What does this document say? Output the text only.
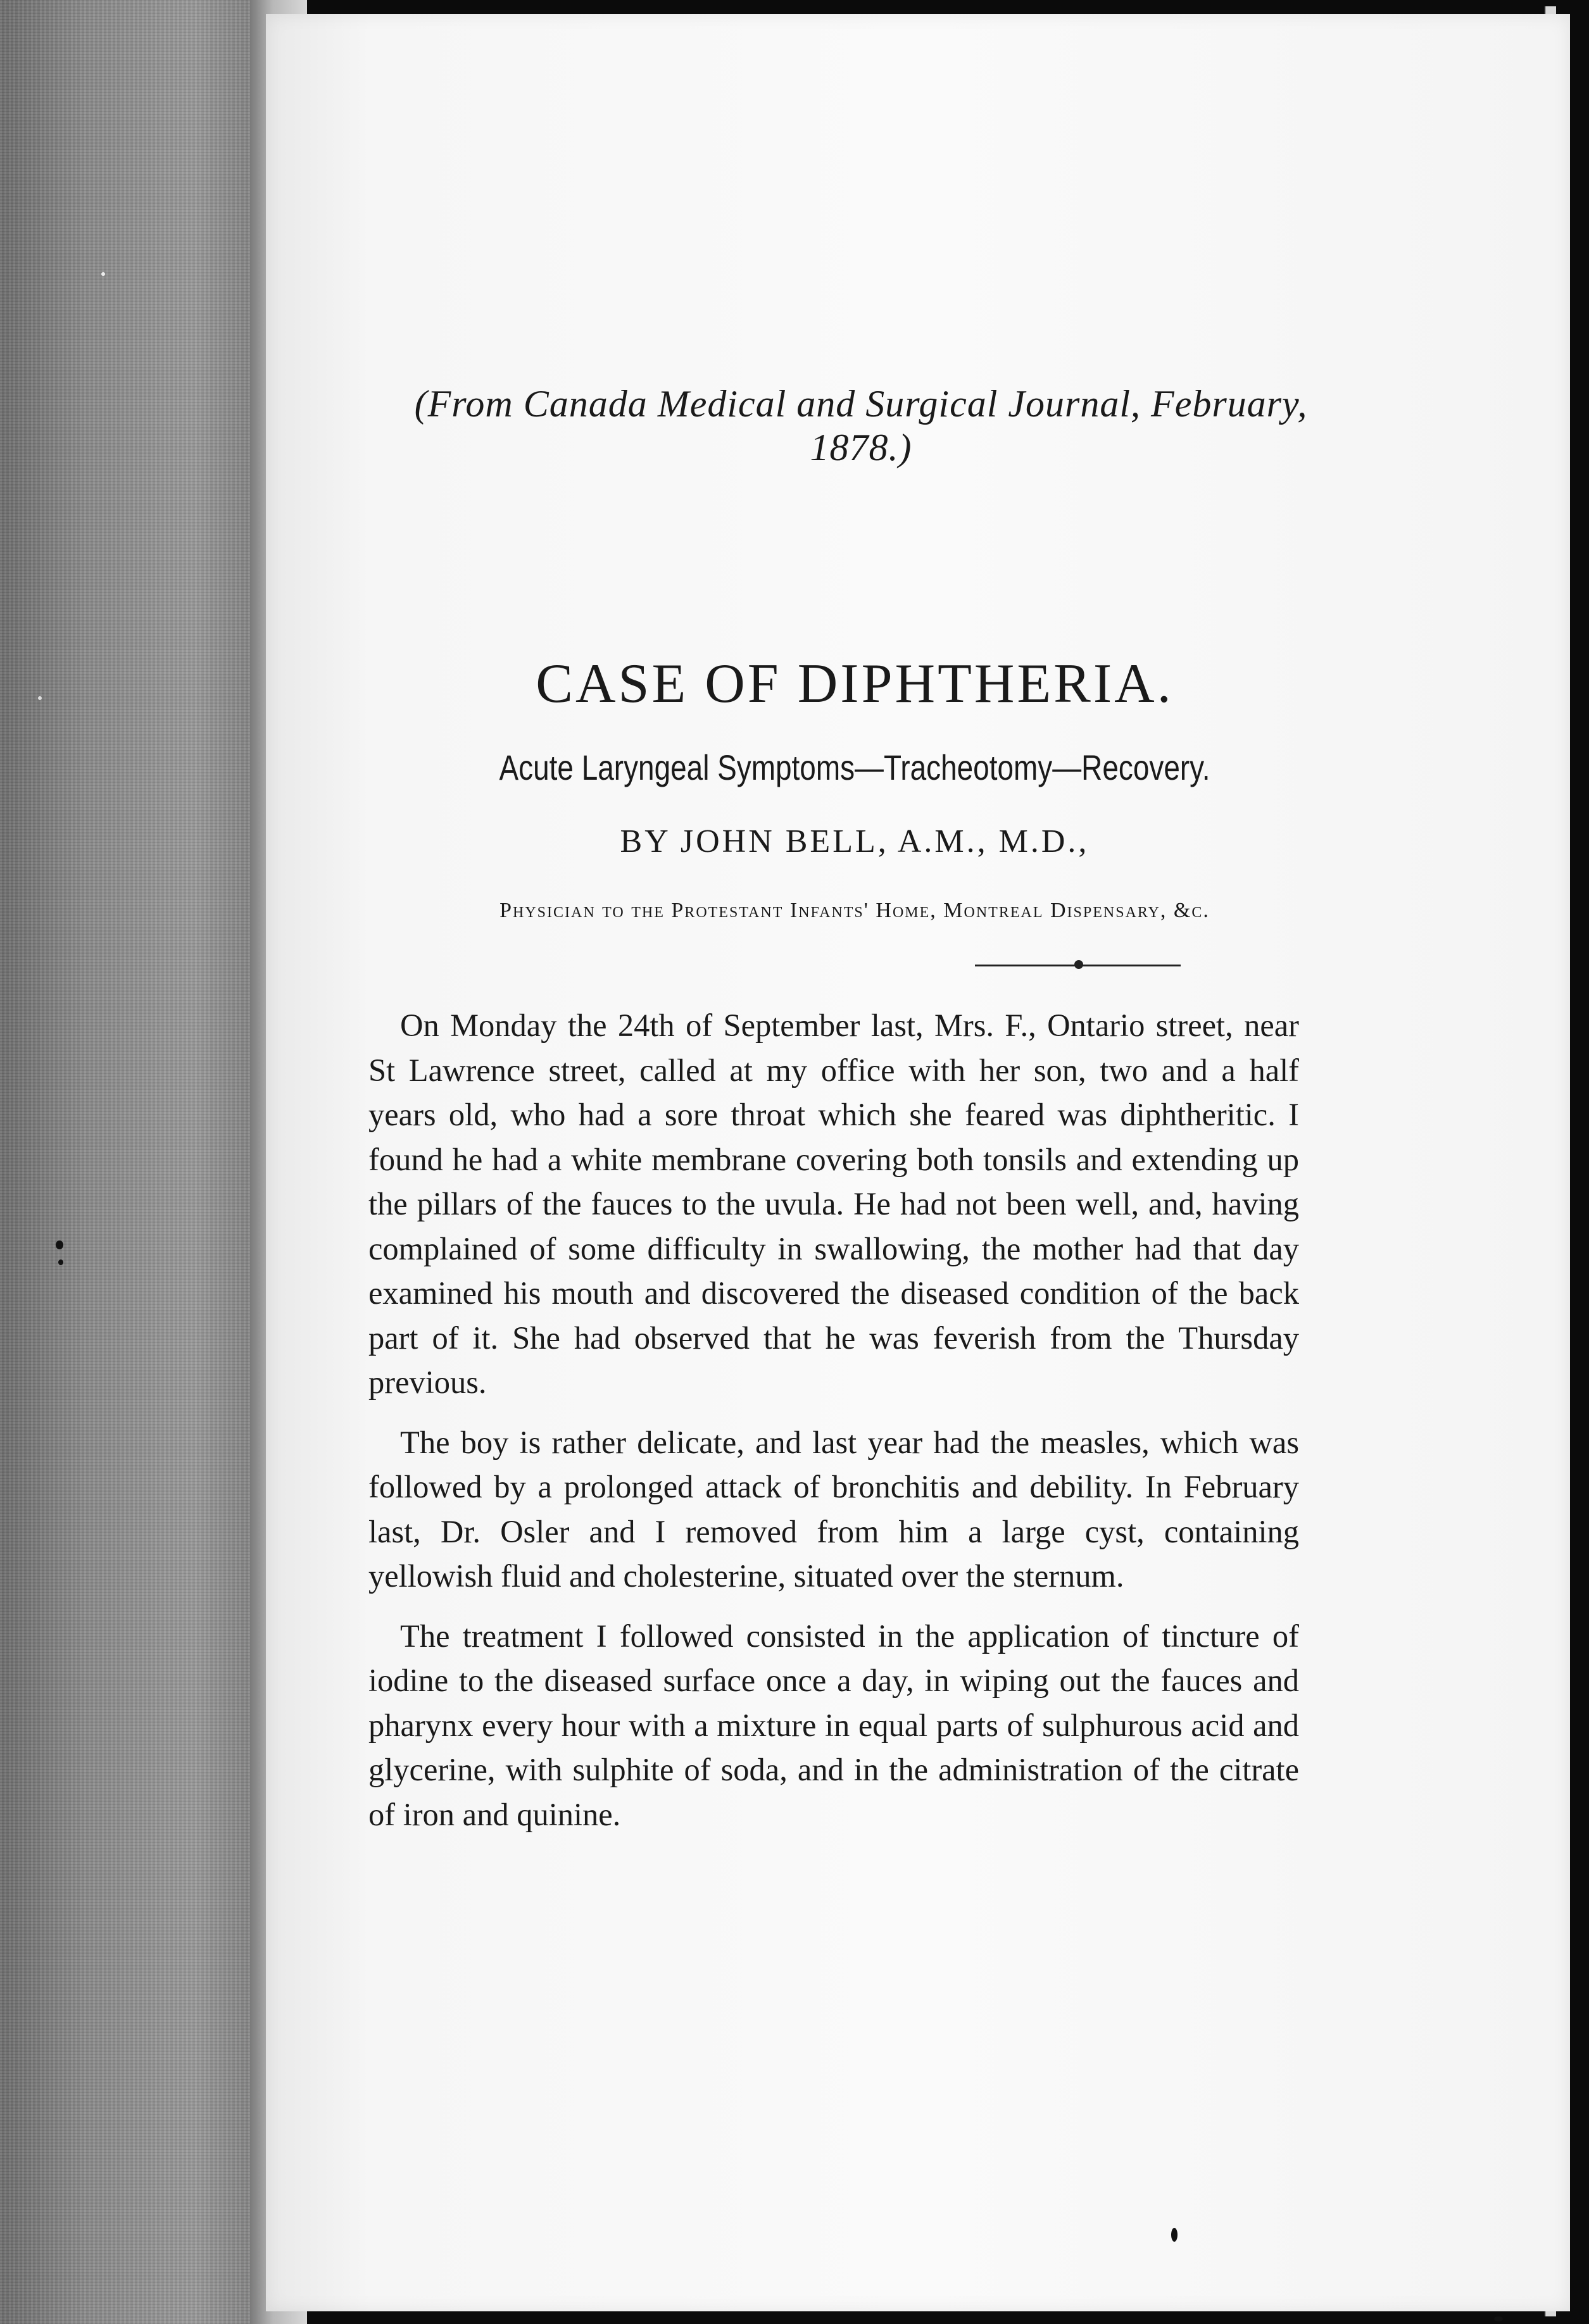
(From Canada Medical and Surgical Journal, February, 1878.)
CASE OF DIPHTHERIA.
Acute Laryngeal Symptoms—Tracheotomy—Recovery.
BY JOHN BELL, A.M., M.D.,
Physician to the Protestant Infants' Home, Montreal Dispensary, &c.

On Monday the 24th of September last, Mrs. F., Ontario street, near St Lawrence street, called at my office with her son, two and a half years old, who had a sore throat which she feared was diphtheritic. I found he had a white membrane covering both tonsils and extending up the pillars of the fauces to the uvula. He had not been well, and, having complained of some difficulty in swallowing, the mother had that day examined his mouth and discovered the diseased condition of the back part of it. She had observed that he was feverish from the Thursday previous.

The boy is rather delicate, and last year had the measles, which was followed by a prolonged attack of bronchitis and debility. In February last, Dr. Osler and I removed from him a large cyst, containing yellowish fluid and cholesterine, situated over the sternum.

The treatment I followed consisted in the application of tincture of iodine to the diseased surface once a day, in wiping out the fauces and pharynx every hour with a mixture in equal parts of sulphurous acid and glycerine, with sulphite of soda, and in the administration of the citrate of iron and quinine.
